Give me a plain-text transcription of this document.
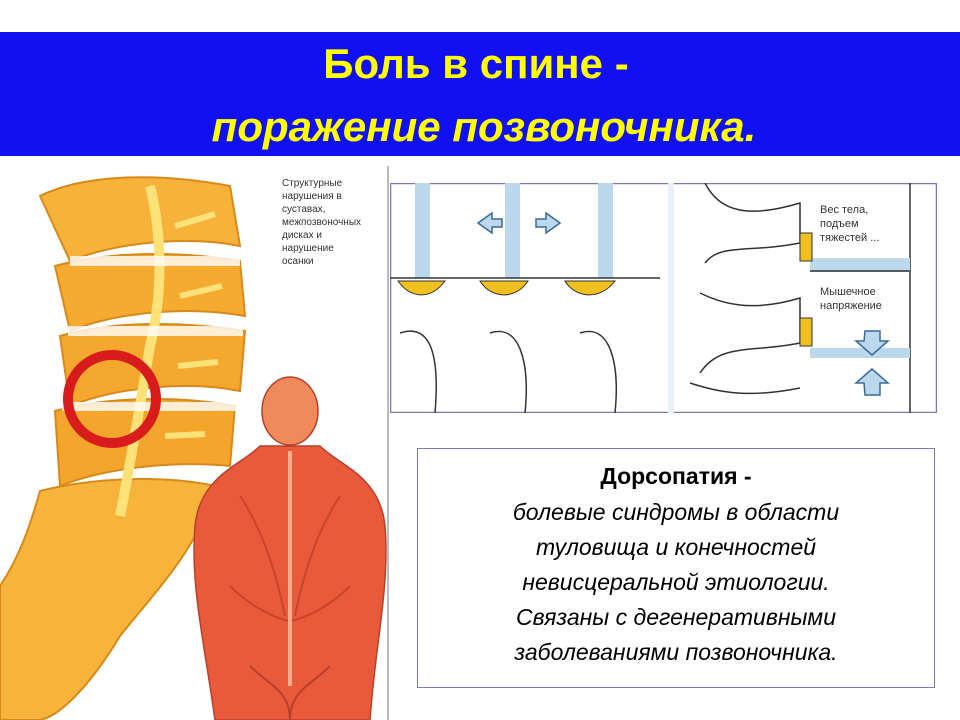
Боль в спине -
поражение позвоночника.
Структурные нарушения в суставах, межпозвоночных дисках и нарушение осанки
Вес тела, подъем тяжестей ...
Мышечное напряжение
Дорсопатия -
болевые синдромы в области
туловища и конечностей
невисцеральной этиологии.
Связаны с дегенеративными
заболеваниями позвоночника.
